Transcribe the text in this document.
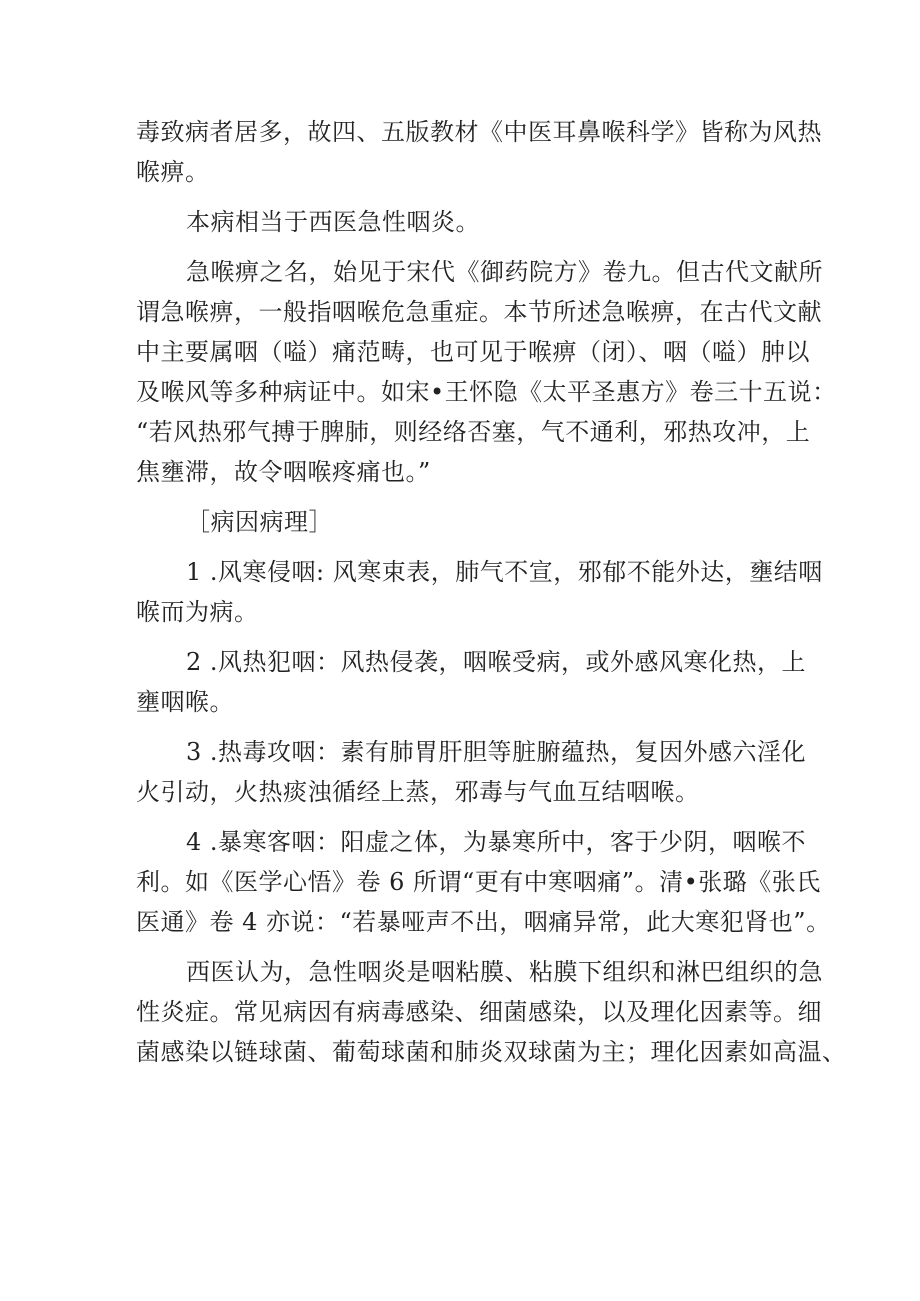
毒致病者居多，故四、五版教材《中医耳鼻喉科学》皆称为风热
喉痹。
本病相当于西医急性咽炎。
急喉痹之名，始见于宋代《御药院方》卷九。但古代文献所
谓急喉痹，一般指咽喉危急重症。本节所述急喉痹，在古代文献
中主要属咽（嗌）痛范畴，也可见于喉痹（闭）、咽（嗌）肿以
及喉风等多种病证中。如宋•王怀隐《太平圣惠方》卷三十五说：
“若风热邪气搏于脾肺，则经络否塞，气不通利，邪热攻冲，上
焦壅滞，故令咽喉疼痛也。”
［病因病理］
1 .风寒侵咽: 风寒束表，肺气不宣，邪郁不能外达，壅结咽
喉而为病。
2 .风热犯咽：风热侵袭，咽喉受病，或外感风寒化热，上
壅咽喉。
3 .热毒攻咽：素有肺胃肝胆等脏腑蕴热，复因外感六淫化
火引动，火热痰浊循经上蒸，邪毒与气血互结咽喉。
4 .暴寒客咽：阳虚之体，为暴寒所中，客于少阴，咽喉不
利。如《医学心悟》卷 6 所谓“更有中寒咽痛”。清•张璐《张氏
医通》卷 4 亦说：“若暴哑声不出，咽痛异常，此大寒犯肾也”。
西医认为，急性咽炎是咽粘膜、粘膜下组织和淋巴组织的急
性炎症。常见病因有病毒感染、细菌感染，以及理化因素等。细
菌感染以链球菌、葡萄球菌和肺炎双球菌为主；理化因素如高温、
